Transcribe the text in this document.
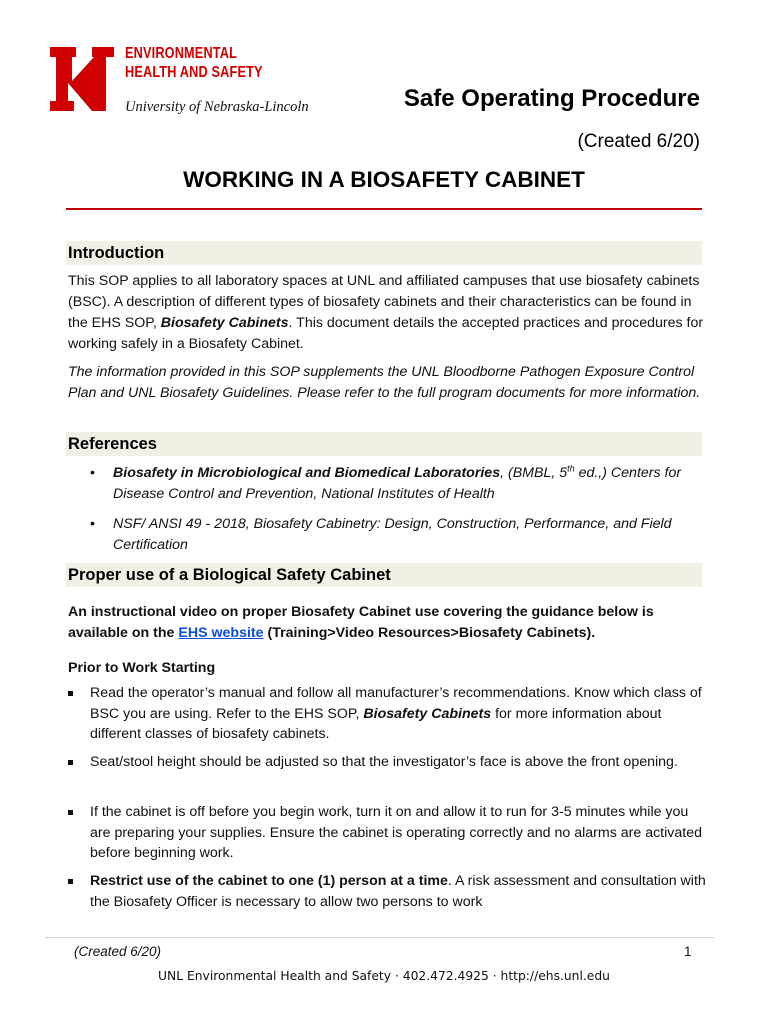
ENVIRONMENTAL
HEALTH AND SAFETY
University of Nebraska-Lincoln	Safe Operating Procedure
(Created 6/20)
WORKING IN A BIOSAFETY CABINET
Introduction

This SOP applies to all laboratory spaces at UNL and affiliated campuses that use biosafety cabinets (BSC). A description of different types of biosafety cabinets and their characteristics can be found in the EHS SOP, Biosafety Cabinets. This document details the accepted practices and procedures for working safely in a Biosafety Cabinet.

The information provided in this SOP supplements the UNL Bloodborne Pathogen Exposure Control Plan and UNL Biosafety Guidelines. Please refer to the full program documents for more information.

References
• Biosafety in Microbiological and Biomedical Laboratories, (BMBL, 5th ed.,) Centers for Disease Control and Prevention, National Institutes of Health
• NSF/ ANSI 49 - 2018, Biosafety Cabinetry: Design, Construction, Performance, and Field Certification
Proper use of a Biological Safety Cabinet
An instructional video on proper Biosafety Cabinet use covering the guidance below is available on the EHS website (Training>Video Resources>Biosafety Cabinets).
Prior to Work Starting
Read the operator’s manual and follow all manufacturer’s recommendations. Know which class of BSC you are using. Refer to the EHS SOP, Biosafety Cabinets for more information about different classes of biosafety cabinets.
Seat/stool height should be adjusted so that the investigator’s face is above the front opening.
If the cabinet is off before you begin work, turn it on and allow it to run for 3-5 minutes while you are preparing your supplies. Ensure the cabinet is operating correctly and no alarms are activated before beginning work.
Restrict use of the cabinet to one (1) person at a time. A risk assessment and consultation with the Biosafety Officer is necessary to allow two persons to work
(Created 6/20)	1
UNL Environmental Health and Safety · 402.472.4925 · http://ehs.unl.edu
